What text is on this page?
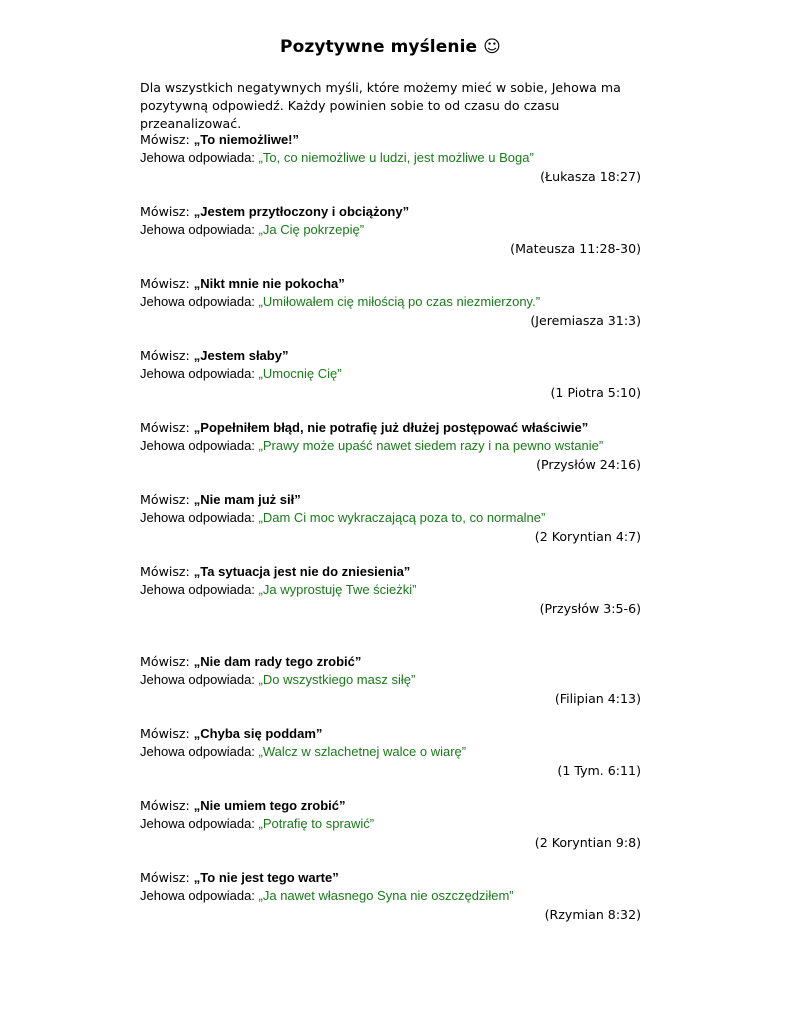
Pozytywne myślenie ☺
Dla wszystkich negatywnych myśli, które możemy mieć w sobie, Jehowa ma
pozytywną odpowiedź. Każdy powinien sobie to od czasu do czasu przeanalizować.
Mówisz: „To niemożliwe!”
Jehowa odpowiada: „To, co niemożliwe u ludzi, jest możliwe u Boga”
(Łukasza 18:27)
Mówisz: „Jestem przytłoczony i obciążony”
Jehowa odpowiada: „Ja Cię pokrzepię”
(Mateusza 11:28-30)
Mówisz: „Nikt mnie nie pokocha”
Jehowa odpowiada: „Umiłowałem cię miłością po czas niezmierzony.”
(Jeremiasza 31:3)
Mówisz: „Jestem słaby”
Jehowa odpowiada: „Umocnię Cię”
(1 Piotra 5:10)
Mówisz: „Popełniłem błąd, nie potrafię już dłużej postępować właściwie”
Jehowa odpowiada: „Prawy może upaść nawet siedem razy i na pewno wstanie”
(Przysłów 24:16)
Mówisz: „Nie mam już sił”
Jehowa odpowiada: „Dam Ci moc wykraczającą poza to, co normalne”
(2 Koryntian 4:7)
Mówisz: „Ta sytuacja jest nie do zniesienia”
Jehowa odpowiada: „Ja wyprostuję Twe ścieżki”
(Przysłów 3:5-6)
Mówisz: „Nie dam rady tego zrobić”
Jehowa odpowiada: „Do wszystkiego masz siłę”
(Filipian 4:13)
Mówisz: „Chyba się poddam”
Jehowa odpowiada: „Walcz w szlachetnej walce o wiarę”
(1 Tym. 6:11)
Mówisz: „Nie umiem tego zrobić”
Jehowa odpowiada: „Potrafię to sprawić”
(2 Koryntian 9:8)
Mówisz: „To nie jest tego warte”
Jehowa odpowiada: „Ja nawet własnego Syna nie oszczędziłem”
(Rzymian 8:32)
